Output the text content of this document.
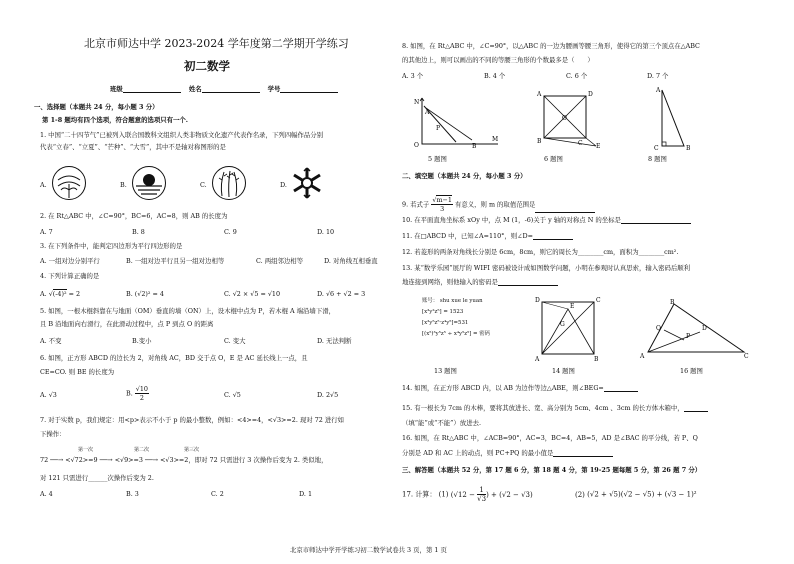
北京市师达中学 2023-2024 学年度第二学期开学练习
初二数学
班级	姓名	学号
一、选择题（本题共 24 分，每小题 3 分）
第 1-8 题均有四个选项，符合题意的选项只有一个.
1. 中国“二十四节气”已被列入联合国教科文组织人类非物质文化遗产代表作名录，下列四幅作品分别
代表“立春”、“立夏”、“芒种”、“大雪”，其中不是轴对称图形的是
A.	B.	C.	D.
2. 在 Rt△ABC 中，∠C=90°，BC=6，AC=8，则 AB 的长度为
A. 7	B. 8	C. 9	D. 10
3. 在下列条件中，能判定四边形为平行四边形的是
A. 一组对边分别平行	B. 一组对边平行且另一组对边相等	C. 两组邻边相等	D. 对角线互相垂直
4. 下列计算正确的是
A. √(-4)² = 2	B. (√2)² = 4	C. √2 × √5 = √10	D. √6 + √2 = 3
5. 如图，一根木棍斜靠在与地面（OM）垂直的墙（ON）上，设木棍中点为 P，若木棍 A 端沿墙下滑，
且 B 沿地面向右滑行，在此滑动过程中，点 P 到点 O 的距离
A. 不变	B.变小	C. 变大	D. 无法判断
6. 如图，正方形 ABCD 的边长为 2，对角线 AC，BD 交于点 O，E 是 AC 延长线上一点，且
CE=CO. 则 BE 的长度为
A. √3	B. $\frac{√10}{2}$	C. √5	D. 2√5
7. 对于实数 p，我们规定：用<p>表示不小于 p 的最小整数，例如：<4>=4，<√3>=2. 现对 72 进行如
下操作：
第一次	第二次	第三次
72 ──→ <√72>=9 ──→ <√9>=3 ──→ <√3>=2，即对 72 只需进行 3 次操作后变为 2. 类似地，
对 121 只需进行______次操作后变为 2.
A. 4	B. 3	C. 2	D. 1
8. 如图，在 Rt△ABC 中，∠C=90°，以△ABC 的一边为腰画等腰三角形，使得它的第三个顶点在△ABC
的其他边上，则可以画出的不同的等腰三角形的个数最多是（　　）
A. 3 个	B. 4 个	C. 6 个	D. 7 个
N
A
P
O	B
M
A	D
B	C
O
E
A
C	B
5 题图	6 题图	8 题图
二、填空题（本题共 24 分，每小题 3 分）
9. 若式子 $\frac{√m-1}{3}$ 有意义，则 m 的取值范围是
10. 在平面直角坐标系 xOy 中，点 M (1，-6)关于 y 轴的对称点 N 的坐标是
11. 在□ABCD 中，已知∠A=110°，则∠D=
12. 若菱形的两条对角线长分别是 6cm，8cm，则它的周长为________cm，面积为________cm².
13. 某“数学乐园”展厅的 WIFI 密码被设计成如图数学问题，小明在参观时认真思索，输入密码后顺利
地连接到网络，则他输入的密码是
账号： shu xue le yuan
[x³y²z⁵] = 1523
[x³y⁵z⁵·z⁴y⁵]=531
[(x⁵)³y⁵z⁵ ÷ x⁴y⁵z⁵] = 密码
D	C
A	B
E
G
B
A	C
Q
P
D
13 题图	14 题图	16 题图
14. 如图，在正方形 ABCD 内，以 AB 为边作等边△ABE，则∠BEG=
15. 有一根长为 7cm 的木棒，要将其放进长、宽、高分别为 5cm、4cm 、3cm 的长方体木箱中，
（填“能”或“不能”）放进去.
16. 如图，在 Rt△ABC 中，∠ACB=90°，AC=3，BC=4，AB=5，AD 是∠BAC 的平分线，若 P、Q
分别是 AD 和 AC 上的动点，则 PC+PQ 的最小值是
三、解答题（本题共 52 分，第 17 题 6 分，第 18 题 4 分，第 19-25 题每题 5 分，第 26 题 7 分）
17. 计算： (1) ($√12 - \frac{1}{√3}$ ) + (√2 − √3)	(2) (√2 + √5)(√2 − √5) + (√3 − 1)²
北京市师达中学开学练习初二数学试卷共 3 页，第 1 页
